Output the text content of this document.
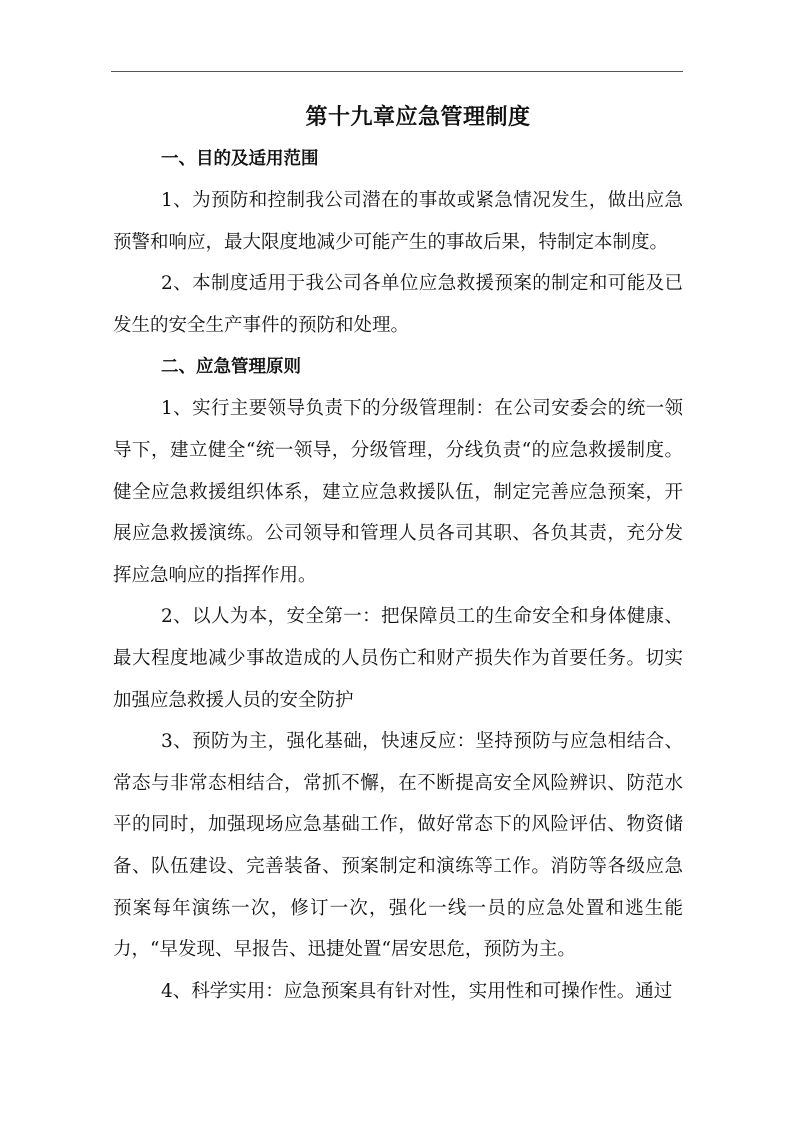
第十九章应急管理制度
一、目的及适用范围

1、为预防和控制我公司潜在的事故或紧急情况发生，做出应急预警和响应，最大限度地减少可能产生的事故后果，特制定本制度。

2、本制度适用于我公司各单位应急救援预案的制定和可能及已发生的安全生产事件的预防和处理。

二、应急管理原则

1、实行主要领导负责下的分级管理制：在公司安委会的统一领导下，建立健全“统一领导，分级管理，分线负责“的应急救援制度。健全应急救援组织体系，建立应急救援队伍，制定完善应急预案，开展应急救援演练。公司领导和管理人员各司其职、各负其责，充分发挥应急响应的指挥作用。

2、以人为本，安全第一：把保障员工的生命安全和身体健康、最大程度地减少事故造成的人员伤亡和财产损失作为首要任务。切实加强应急救援人员的安全防护

3、预防为主，强化基础，快速反应：坚持预防与应急相结合、常态与非常态相结合，常抓不懈，在不断提高安全风险辨识、防范水平的同时，加强现场应急基础工作，做好常态下的风险评估、物资储备、队伍建设、完善装备、预案制定和演练等工作。消防等各级应急预案每年演练一次，修订一次，强化一线一员的应急处置和逃生能力，“早发现、早报告、迅捷处置“居安思危，预防为主。

4、科学实用：应急预案具有针对性，实用性和可操作性。通过
